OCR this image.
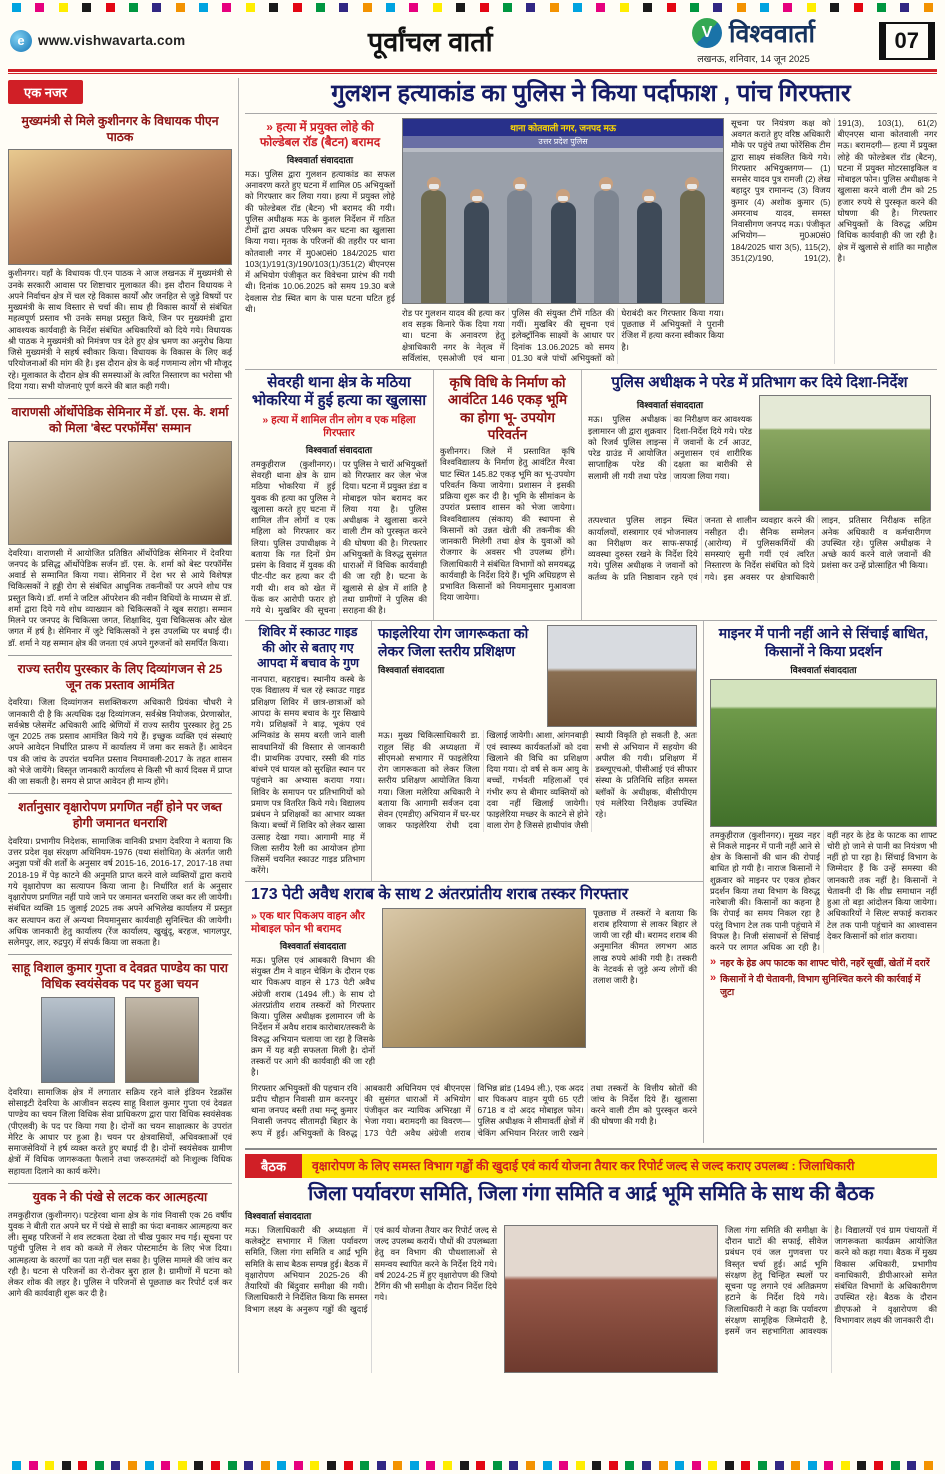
e www.vishwavarta.com	पूर्वांचल वार्ता	V विश्ववार्ता
लखनऊ, शनिवार, 14 जून 2025
07
एक नजर
मुख्यमंत्री से मिले कुशीनगर के विधायक पीएन पाठक

कुशीनगर। यहाँ के विधायक पी.एन पाठक ने आज लखनऊ में मुख्यमंत्री से उनके सरकारी आवास पर शिष्टाचार मुलाकात की। इस दौरान विधायक ने अपने निर्वाचन क्षेत्र में चल रहे विकास कार्यों और जनहित से जुड़े विषयों पर मुख्यमंत्री के साथ विस्तार से चर्चा की। साथ ही विकास कार्यों से संबंधित महत्वपूर्ण प्रस्ताव भी उनके समक्ष प्रस्तुत किये, जिन पर मुख्यमंत्री द्वारा आवश्यक कार्यवाही के निर्देश संबंधित अधिकारियों को दिये गये। विधायक श्री पाठक ने मुख्यमंत्री को निमंत्रण पत्र देते हुए क्षेत्र भ्रमण का अनुरोध किया जिसे मुख्यमंत्री ने सहर्ष स्वीकार किया। विधायक के विकास के लिए कई परियोजनाओं की मांग की है। इस दौरान क्षेत्र के कई गणमान्य लोग भी मौजूद रहे। मुलाकात के दौरान क्षेत्र की समस्याओं के त्वरित निस्तारण का भरोसा भी दिया गया। सभी योजनाएं पूर्ण करने की बात कही गयी।

वाराणसी ऑर्थोपेडिक सेमिनार में डॉ. एस. के. शर्मा को मिला 'बेस्ट परफॉर्मेंस' सम्मान

देवरिया। वाराणसी में आयोजित प्रतिष्ठित ऑर्थोपेडिक सेमिनार में देवरिया जनपद के प्रसिद्ध ऑर्थोपेडिक सर्जन डॉ. एस. के. शर्मा को बेस्ट परफॉर्मेंस अवार्ड से सम्मानित किया गया। सेमिनार में देश भर से आये विशेषज्ञ चिकित्सकों ने हड्डी रोग से संबंधित आधुनिक तकनीकों पर अपने शोध पत्र प्रस्तुत किये। डॉ. शर्मा ने जटिल ऑपरेशन की नवीन विधियों के माध्यम से डॉ. शर्मा द्वारा दिये गये शोध व्याख्यान को चिकित्सकों ने खूब सराहा। सम्मान मिलने पर जनपद के चिकित्सा जगत, शिक्षाविद, युवा चिकित्सक और खेल जगत में हर्ष है। सेमिनार में जुटे चिकित्सकों ने इस उपलब्धि पर बधाई दी। डॉ. शर्मा ने यह सम्मान क्षेत्र की जनता एवं अपने गुरुजनों को समर्पित किया।

राज्य स्तरीय पुरस्कार के लिए दिव्यांगजन से 25 जून तक प्रस्ताव आमंत्रित

देवरिया। जिला दिव्यांगजन सशक्तिकरण अधिकारी प्रियंका चौधरी ने जानकारी दी है कि अत्यधिक दक्ष दिव्यांगजन, सर्वश्रेष्ठ नियोजक, प्रेरणास्रोत, सर्वश्रेष्ठ प्लेसमेंट अधिकारी आदि श्रेणियों में राज्य स्तरीय पुरस्कार हेतु 25 जून 2025 तक प्रस्ताव आमंत्रित किये गये हैं। इच्छुक व्यक्ति एवं संस्थाएं अपने आवेदन निर्धारित प्रारूप में कार्यालय में जमा कर सकते हैं। आवेदन पत्र की जांच के उपरांत चयनित प्रस्ताव नियमावली-2017 के तहत शासन को भेजे जायेंगे। विस्तृत जानकारी कार्यालय से किसी भी कार्य दिवस में प्राप्त की जा सकती है। समय से प्राप्त आवेदन ही मान्य होंगे।

शर्तानुसार वृक्षारोपण प्रगणित नहीं होने पर जब्त होगी जमानत धनराशि

देवरिया। प्रभागीय निदेशक, सामाजिक वानिकी प्रभाग देवरिया ने बताया कि उत्तर प्रदेश वृक्ष संरक्षण अधिनियम-1976 (यथा संशोधित) के अंतर्गत जारी अनुज्ञा पत्रों की शर्तों के अनुसार वर्ष 2015-16, 2016-17, 2017-18 तथा 2018-19 में पेड़ काटने की अनुमति प्राप्त करने वाले व्यक्तियों द्वारा कराये गये वृक्षारोपण का सत्यापन किया जाना है। निर्धारित शर्त के अनुसार वृक्षारोपण प्रगणित नहीं पाये जाने पर जमानत धनराशि जब्त कर ली जायेगी। संबंधित व्यक्ति 15 जुलाई 2025 तक अपने अभिलेख कार्यालय में प्रस्तुत कर सत्यापन करा लें अन्यथा नियमानुसार कार्यवाही सुनिश्चित की जायेगी। अधिक जानकारी हेतु कार्यालय (रेंज कार्यालय, खुखुंदू, बरहज, भागलपुर, सलेमपुर, लार, रुद्रपुर) में संपर्क किया जा सकता है।

साहू विशाल कुमार गुप्ता व देवव्रत पाण्डेय का पारा विधिक स्वयंसेवक पद पर हुआ चयन

देवरिया। सामाजिक क्षेत्र में लगातार सक्रिय रहने वाले इंडियन रेडक्रॉस सोसाइटी देवरिया के आजीवन सदस्य साहू विशाल कुमार गुप्ता एवं देवव्रत पाण्डेय का चयन जिला विधिक सेवा प्राधिकरण द्वारा पारा विधिक स्वयंसेवक (पीएलवी) के पद पर किया गया है। दोनों का चयन साक्षात्कार के उपरांत मेरिट के आधार पर हुआ है। चयन पर क्षेत्रवासियों, अधिवक्ताओं एवं समाजसेवियों ने हर्ष व्यक्त करते हुए बधाई दी है। दोनों स्वयंसेवक ग्रामीण क्षेत्रों में विधिक जागरूकता फैलाने तथा जरूरतमंदों को निःशुल्क विधिक सहायता दिलाने का कार्य करेंगे।

युवक ने की पंखे से लटक कर आत्महत्या

तमकुहीराज (कुशीनगर)। पटहेरवा थाना क्षेत्र के गांव निवासी एक 26 वर्षीय युवक ने बीती रात अपने घर में पंखे से साड़ी का फंदा बनाकर आत्महत्या कर ली। सुबह परिजनों ने शव लटकता देखा तो चीख पुकार मच गई। सूचना पर पहुंची पुलिस ने शव को कब्जे में लेकर पोस्टमार्टम के लिए भेज दिया। आत्महत्या के कारणों का पता नहीं चल सका है। पुलिस मामले की जांच कर रही है। घटना से परिजनों का रो-रोकर बुरा हाल है। ग्रामीणों में घटना को लेकर शोक की लहर है। पुलिस ने परिजनों से पूछताछ कर रिपोर्ट दर्ज कर आगे की कार्यवाही शुरू कर दी है।

गुलशन हत्याकांड का पुलिस ने किया पर्दाफाश , पांच गिरफ्तार
» हत्या में प्रयुक्त लोहे की फोल्डेबल रॉड (बैटन) बरामद
विश्ववार्ता संवाददाता

मऊ। पुलिस द्वारा गुलशन हत्याकांड का सफल अनावरण करते हुए घटना में शामिल 05 अभियुक्तों को गिरफ्तार कर लिया गया। हत्या में प्रयुक्त लोहे की फोल्डेबल रॉड (बैटन) भी बरामद की गयी। पुलिस अधीक्षक मऊ के कुशल निर्देशन में गठित टीमों द्वारा अथक परिश्रम कर घटना का खुलासा किया गया। मृतक के परिजनों की तहरीर पर थाना कोतवाली नगर में मु0अ0सं0 184/2025 धारा 103(1)/191(3)/190/103(1)/351(2) बीएनएस में अभियोग पंजीकृत कर विवेचना प्रारंभ की गयी थी। दिनांक 10.06.2025 को समय 19.30 बजे देवलास रोड स्थित बाग के पास घटना घटित हुई थी।

थाना कोतवाली नगर, जनपद मऊ
उत्तर प्रदेश पुलिस

रोड पर गुलशन यादव की हत्या कर शव सड़क किनारे फेंक दिया गया था। घटना के अनावरण हेतु क्षेत्राधिकारी नगर के नेतृत्व में सर्विलांस, एसओजी एवं थाना पुलिस की संयुक्त टीमें गठित की गयीं। मुखबिर की सूचना एवं इलेक्ट्रॉनिक साक्ष्यों के आधार पर दिनांक 13.06.2025 को समय 01.30 बजे पांचों अभियुक्तों को घेराबंदी कर गिरफ्तार किया गया। पूछताछ में अभियुक्तों ने पुरानी रंजिश में हत्या करना स्वीकार किया है।

सूचना पर नियंत्रण कक्ष को अवगत कराते हुए वरिष्ठ अधिकारी मौके पर पहुंचे तथा फोरेंसिक टीम द्वारा साक्ष्य संकलित किये गये। गिरफ्तार अभियुक्तगण— (1) समसेर यादव पुत्र रामजी (2) लेख बहादुर पुत्र रामानन्द (3) विजय कुमार (4) अशोक कुमार (5) अमरनाथ यादव, समस्त निवासीगण जनपद मऊ। पंजीकृत अभियोग— मु0अ0सं0 184/2025 धारा 3(5), 115(2), 351(2)/190, 191(2), 191(3), 103(1), 61(2) बीएनएस थाना कोतवाली नगर मऊ। बरामदगी— हत्या में प्रयुक्त लोहे की फोल्डेबल रॉड (बैटन), घटना में प्रयुक्त मोटरसाइकिल व मोबाइल फोन। पुलिस अधीक्षक ने खुलासा करने वाली टीम को 25 हजार रुपये से पुरस्कृत करने की घोषणा की है। गिरफ्तार अभियुक्तों के विरुद्ध अग्रिम विधिक कार्यवाही की जा रही है। क्षेत्र में खुलासे से शांति का माहौल है।

सेवरही थाना क्षेत्र के मठिया भोकरिया में हुई हत्या का खुलासा
» हत्या में शामिल तीन लोग व एक महिला गिरफ्तार
विश्ववार्ता संवाददाता

तमकुहीराज (कुशीनगर)। सेवरही थाना क्षेत्र के ग्राम मठिया भोकरिया में हुई युवक की हत्या का पुलिस ने खुलासा करते हुए घटना में शामिल तीन लोगों व एक महिला को गिरफ्तार कर लिया। पुलिस उपाधीक्षक ने बताया कि गत दिनों प्रेम प्रसंग के विवाद में युवक की पीट-पीट कर हत्या कर दी गयी थी। शव को खेत में फेंक कर आरोपी फरार हो गये थे। मुखबिर की सूचना पर पुलिस ने चारों अभियुक्तों को गिरफ्तार कर जेल भेज दिया। घटना में प्रयुक्त डंडा व मोबाइल फोन बरामद कर लिया गया है। पुलिस अधीक्षक ने खुलासा करने वाली टीम को पुरस्कृत करने की घोषणा की है। गिरफ्तार अभियुक्तों के विरुद्ध सुसंगत धाराओं में विधिक कार्यवाही की जा रही है। घटना के खुलासे से क्षेत्र में शांति है तथा ग्रामीणों ने पुलिस की सराहना की है।

कृषि विधि के निर्माण को आवंटित 146 एकड़ भूमि का होगा भू- उपयोग परिवर्तन

कुशीनगर। जिले में प्रस्तावित कृषि विश्वविद्यालय के निर्माण हेतु आवंटित मैरवा घाट स्थित 145.82 एकड़ भूमि का भू-उपयोग परिवर्तन किया जायेगा। प्रशासन ने इसकी प्रक्रिया शुरू कर दी है। भूमि के सीमांकन के उपरांत प्रस्ताव शासन को भेजा जायेगा। विश्वविद्यालय (संकाय) की स्थापना से किसानों को उन्नत खेती की तकनीक की जानकारी मिलेगी तथा क्षेत्र के युवाओं को रोजगार के अवसर भी उपलब्ध होंगे। जिलाधिकारी ने संबंधित विभागों को समयबद्ध कार्यवाही के निर्देश दिये हैं। भूमि अधिग्रहण से प्रभावित किसानों को नियमानुसार मुआवजा दिया जायेगा।

पुलिस अधीक्षक ने परेड में प्रतिभाग कर दिये दिशा-निर्देश
विश्ववार्ता संवाददाता

मऊ। पुलिस अधीक्षक इलामारन जी द्वारा शुक्रवार को रिजर्व पुलिस लाइन्स परेड ग्राउंड में आयोजित साप्ताहिक परेड की सलामी ली गयी तथा परेड का निरीक्षण कर आवश्यक दिशा-निर्देश दिये गये। परेड में जवानों के टर्न आउट, अनुशासन एवं शारीरिक दक्षता का बारीकी से जायजा लिया गया।

तत्पश्चात पुलिस लाइन स्थित कार्यालयों, शस्त्रागार एवं भोजनालय का निरीक्षण कर साफ-सफाई व्यवस्था दुरुस्त रखने के निर्देश दिये गये। पुलिस अधीक्षक ने जवानों को कर्तव्य के प्रति निष्ठावान रहने एवं जनता से शालीन व्यवहार करने की नसीहत दी। सैनिक सम्मेलन (आरोग्य) में पुलिसकर्मियों की समस्याएं सुनी गयीं एवं त्वरित निस्तारण के निर्देश संबंधित को दिये गये। इस अवसर पर क्षेत्राधिकारी लाइन, प्रतिसार निरीक्षक सहित अनेक अधिकारी व कर्मचारीगण उपस्थित रहे। पुलिस अधीक्षक ने अच्छे कार्य करने वाले जवानों की प्रशंसा कर उन्हें प्रोत्साहित भी किया।

शिविर में स्काउट गाइड की ओर से बताए गए आपदा में बचाव के गुण

नानपारा, बहराइच। स्थानीय कस्बे के एक विद्यालय में चल रहे स्काउट गाइड प्रशिक्षण शिविर में छात्र-छात्राओं को आपदा के समय बचाव के गुर सिखाये गये। प्रशिक्षकों ने बाढ़, भूकंप एवं अग्निकांड के समय बरती जाने वाली सावधानियों की विस्तार से जानकारी दी। प्राथमिक उपचार, रस्सी की गांठ बांधने एवं घायल को सुरक्षित स्थान पर पहुंचाने का अभ्यास कराया गया। शिविर के समापन पर प्रतिभागियों को प्रमाण पत्र वितरित किये गये। विद्यालय प्रबंधन ने प्रशिक्षकों का आभार व्यक्त किया। बच्चों में शिविर को लेकर खासा उत्साह देखा गया। आगामी माह में जिला स्तरीय रैली का आयोजन होगा जिसमें चयनित स्काउट गाइड प्रतिभाग करेंगे।

फाइलेरिया रोग जागरूकता को लेकर जिला स्तरीय प्रशिक्षण
विश्ववार्ता संवाददाता

मऊ। मुख्य चिकित्साधिकारी डा. राहुल सिंह की अध्यक्षता में सीएमओ सभागार में फाइलेरिया रोग जागरूकता को लेकर जिला स्तरीय प्रशिक्षण आयोजित किया गया। जिला मलेरिया अधिकारी ने बताया कि आगामी सर्वजन दवा सेवन (एमडीए) अभियान में घर-घर जाकर फाइलेरिया रोधी दवा खिलाई जायेगी। आशा, आंगनबाड़ी एवं स्वास्थ्य कार्यकर्ताओं को दवा खिलाने की विधि का प्रशिक्षण दिया गया। दो वर्ष से कम आयु के बच्चों, गर्भवती महिलाओं एवं गंभीर रूप से बीमार व्यक्तियों को दवा नहीं खिलाई जायेगी। फाइलेरिया मच्छर के काटने से होने वाला रोग है जिससे हाथीपांव जैसी स्थायी विकृति हो सकती है, अतः सभी से अभियान में सहयोग की अपील की गयी। प्रशिक्षण में डब्ल्यूएचओ, पीसीआई एवं सीफार संस्था के प्रतिनिधि सहित समस्त ब्लॉकों के अधीक्षक, बीसीपीएम एवं मलेरिया निरीक्षक उपस्थित रहे।

173 पेटी अवैध शराब के साथ 2 अंतरप्रांतीय शराब तस्कर गिरफ्तार
» एक थार पिकअप वाहन और मोबाइल फोन भी बरामद
विश्ववार्ता संवाददाता

मऊ। पुलिस एवं आबकारी विभाग की संयुक्त टीम ने वाहन चेकिंग के दौरान एक थार पिकअप वाहन से 173 पेटी अवैध अंग्रेजी शराब (1494 ली.) के साथ दो अंतरप्रांतीय शराब तस्करों को गिरफ्तार किया। पुलिस अधीक्षक इलामारन जी के निर्देशन में अवैध शराब कारोबार/तस्करी के विरुद्ध अभियान चलाया जा रहा है जिसके क्रम में यह बड़ी सफलता मिली है। दोनों तस्करों पर आगे की कार्यवाही की जा रही है।

पूछताछ में तस्करों ने बताया कि शराब हरियाणा से लाकर बिहार ले जायी जा रही थी। बरामद शराब की अनुमानित कीमत लगभग आठ लाख रुपये आंकी गयी है। तस्करी के नेटवर्क से जुड़े अन्य लोगों की तलाश जारी है।

गिरफ्तार अभियुक्तों की पहचान रवि प्रदीप चौहान निवासी ग्राम करनपुर थाना जनपद बस्ती तथा मन्टू कुमार निवासी जनपद सीतामढ़ी बिहार के रूप में हुई। अभियुक्तों के विरुद्ध आबकारी अधिनियम एवं बीएनएस की सुसंगत धाराओं में अभियोग पंजीकृत कर न्यायिक अभिरक्षा में भेजा गया। बरामदगी का विवरण— 173 पेटी अवैध अंग्रेजी शराब विभिन्न ब्रांड (1494 ली.), एक अदद थार पिकअप वाहन यूपी 65 एटी 6718 व दो अदद मोबाइल फोन। पुलिस अधीक्षक ने सीमावर्ती क्षेत्रों में चेकिंग अभियान निरंतर जारी रखने तथा तस्करों के वित्तीय स्रोतों की जांच के निर्देश दिये हैं। खुलासा करने वाली टीम को पुरस्कृत करने की घोषणा की गयी है।

माइनर में पानी नहीं आने से सिंचाई बाधित, किसानों ने किया प्रदर्शन
विश्ववार्ता संवाददाता

तमकुहीराज (कुशीनगर)। मुख्य नहर से निकले माइनर में पानी नहीं आने से क्षेत्र के किसानों की धान की रोपाई बाधित हो गयी है। नाराज किसानों ने शुक्रवार को माइनर पर एकत्र होकर प्रदर्शन किया तथा विभाग के विरुद्ध नारेबाजी की। किसानों का कहना है कि रोपाई का समय निकल रहा है परंतु विभाग टेल तक पानी पहुंचाने में विफल है। निजी संसाधनों से सिंचाई करने पर लागत अधिक आ रही है। वहीं नहर के हेड के फाटक का शाफ्ट चोरी हो जाने से पानी का नियंत्रण भी नहीं हो पा रहा है। सिंचाई विभाग के जिम्मेदार हैं कि उन्हें समस्या की जानकारी तक नहीं है। किसानों ने चेतावनी दी कि शीघ्र समाधान नहीं हुआ तो बड़ा आंदोलन किया जायेगा। अधिकारियों ने सिल्ट सफाई कराकर टेल तक पानी पहुंचाने का आश्वासन देकर किसानों को शांत कराया।

» नहर के हेड अप फाटक का शाफ्ट चोरी, नहरें सूखीं, खेतों में दरारें
» किसानों ने दी चेतावनी, विभाग सुनिश्चित करने की कार्रवाई में जुटा
बैठक	वृक्षारोपण के लिए समस्त विभाग गड्ढों की खुदाई एवं कार्य योजना तैयार कर रिपोर्ट जल्द से जल्द कराए उपलब्ध : जिलाधिकारी
जिला पर्यावरण समिति, जिला गंगा समिति व आर्द्र भूमि समिति के साथ की बैठक
विश्ववार्ता संवाददाता

मऊ। जिलाधिकारी की अध्यक्षता में कलेक्ट्रेट सभागार में जिला पर्यावरण समिति, जिला गंगा समिति व आर्द्र भूमि समिति के साथ बैठक सम्पन्न हुई। बैठक में वृक्षारोपण अभियान 2025-26 की तैयारियों की बिंदुवार समीक्षा की गयी। जिलाधिकारी ने निर्देशित किया कि समस्त विभाग लक्ष्य के अनुरूप गड्ढों की खुदाई एवं कार्य योजना तैयार कर रिपोर्ट जल्द से जल्द उपलब्ध करायें। पौधों की उपलब्धता हेतु वन विभाग की पौधशालाओं से समन्वय स्थापित करने के निर्देश दिये गये। वर्ष 2024-25 में हुए वृक्षारोपण की जियो टैगिंग की भी समीक्षा के दौरान निर्देश दिये गये।

जिला गंगा समिति की समीक्षा के दौरान घाटों की सफाई, सीवेज प्रबंधन एवं जल गुणवत्ता पर विस्तृत चर्चा हुई। आर्द्र भूमि संरक्षण हेतु चिन्हित स्थलों पर सूचना पट्ट लगाने एवं अतिक्रमण हटाने के निर्देश दिये गये। जिलाधिकारी ने कहा कि पर्यावरण संरक्षण सामूहिक जिम्मेदारी है, इसमें जन सहभागिता आवश्यक है। विद्यालयों एवं ग्राम पंचायतों में जागरूकता कार्यक्रम आयोजित करने को कहा गया। बैठक में मुख्य विकास अधिकारी, प्रभागीय वनाधिकारी, डीपीआरओ समेत संबंधित विभागों के अधिकारीगण उपस्थित रहे। बैठक के दौरान डीएफओ ने वृक्षारोपण की विभागवार लक्ष्य की जानकारी दी।
